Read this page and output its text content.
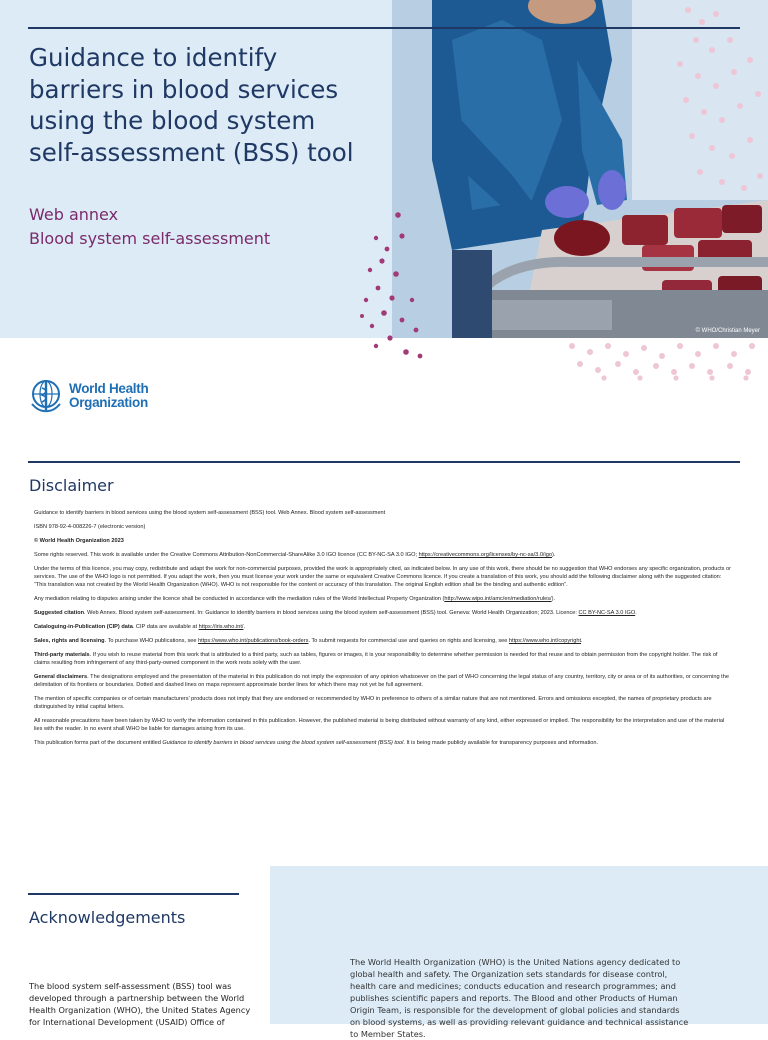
© WHO/Christian Meyer
Guidance to identify barriers in blood services using the blood system self-assessment (BSS) tool
Web annex
Blood system self-assessment
World Health
Organization
Disclaimer

Guidance to identify barriers in blood services using the blood system self-assessment (BSS) tool. Web Annex. Blood system self-assessment

ISBN 978-92-4-008226-7 (electronic version)

© World Health Organization 2023

Some rights reserved. This work is available under the Creative Commons Attribution-NonCommercial-ShareAlike 3.0 IGO licence (CC BY-NC-SA 3.0 IGO; https://creativecommons.org/licenses/by-nc-sa/3.0/igo).

Under the terms of this licence, you may copy, redistribute and adapt the work for non-commercial purposes, provided the work is appropriately cited, as indicated below. In any use of this work, there should be no suggestion that WHO endorses any specific organization, products or services. The use of the WHO logo is not permitted. If you adapt the work, then you must license your work under the same or equivalent Creative Commons licence. If you create a translation of this work, you should add the following disclaimer along with the suggested citation: “This translation was not created by the World Health Organization (WHO). WHO is not responsible for the content or accuracy of this translation. The original English edition shall be the binding and authentic edition”.

Any mediation relating to disputes arising under the licence shall be conducted in accordance with the mediation rules of the World Intellectual Property Organization (http://www.wipo.int/amc/en/mediation/rules/).

Suggested citation. Web Annex. Blood system self-assessment. In: Guidance to identify barriers in blood services using the blood system self-assessment (BSS) tool. Geneva: World Health Organization; 2023. Licence: CC BY-NC-SA 3.0 IGO.

Cataloguing-in-Publication (CIP) data. CIP data are available at https://iris.who.int/.

Sales, rights and licensing. To purchase WHO publications, see https://www.who.int/publications/book-orders. To submit requests for commercial use and queries on rights and licensing, see https://www.who.int/copyright.

Third-party materials. If you wish to reuse material from this work that is attributed to a third party, such as tables, figures or images, it is your responsibility to determine whether permission is needed for that reuse and to obtain permission from the copyright holder. The risk of claims resulting from infringement of any third-party-owned component in the work rests solely with the user.

General disclaimers. The designations employed and the presentation of the material in this publication do not imply the expression of any opinion whatsoever on the part of WHO concerning the legal status of any country, territory, city or area or of its authorities, or concerning the delimitation of its frontiers or boundaries. Dotted and dashed lines on maps represent approximate border lines for which there may not yet be full agreement.

The mention of specific companies or of certain manufacturers’ products does not imply that they are endorsed or recommended by WHO in preference to others of a similar nature that are not mentioned. Errors and omissions excepted, the names of proprietary products are distinguished by initial capital letters.

All reasonable precautions have been taken by WHO to verify the information contained in this publication. However, the published material is being distributed without warranty of any kind, either expressed or implied. The responsibility for the interpretation and use of the material lies with the reader. In no event shall WHO be liable for damages arising from its use.

This publication forms part of the document entitled Guidance to identify barriers in blood services using the blood system self-assessment (BSS) tool. It is being made publicly available for transparency purposes and information.

Acknowledgements
The blood system self-assessment (BSS) tool was developed through a partnership between the World Health Organization (WHO), the United States Agency for International Development (USAID) Office of
The World Health Organization (WHO) is the United Nations agency dedicated to global health and safety. The Organization sets standards for disease control, health care and medicines; conducts education and research programmes; and publishes scientific papers and reports. The Blood and other Products of Human Origin Team, is responsible for the development of global policies and standards on blood systems, as well as providing relevant guidance and technical assistance to Member States.
